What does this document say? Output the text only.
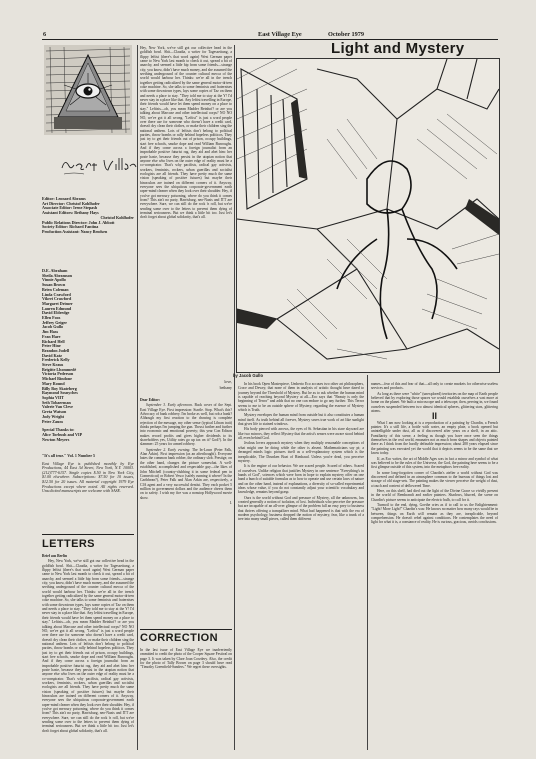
6	East Village Eye	October 1979
Editor: Leonard Abrams
Art Director: Christof Kohlhofer
Associate Editor: Irene Stepash
Assistant Editors: Bethany Hays
Christof Kohlhofer
Public Relations Director: John J. Abbott
Society Editor: Richard Fantina
Production Assistant: Nancy Brodsen
D.E. Abraham
Sheila Abramson
Vinnie Apollo
Susan Brown
Brien Coleman
Linda Crawford
Vikrei Crawford
Margaret Drimer
Lauren Edmund
David Eldredge
Ellen Foos
Jeffrey Geiger
Jacob Gullo
Jim Hass
Fran Hare
Richard Hell
Peter Hine
Brandon Judell
David Katz
Frederick Kelly
Steve Kraus
Brigitte Lhommedé
Victoria Pederson
Michael Rindone
Mary Round
Billy Boy Skateberg
Raymond Sosnyches
Sophia VIIT
Seth Tobaerman
Valerie Van Cleve
Greta Watson
Jody Wright
Peter Zaum
Special Thanks to:
Alice Torbush and VIP
Newton Meyers
"It's all true." Vol. 1 Number 5
East Village Eye is published monthly by Eye Productions, 44 East 3d Street, New York, N.Y. 10003. (212)777-6157. Single copies $.50 in New York City, $1.00 elsewhere. Subscriptions: $7.50 for 10 issues, $12.50 for 20 issues. All material copyright 1979 Eye Productions except where noted. All rights reserved. Unsolicited manuscripts are welcome with SASE.
LETTERS

Brief aus Berlin

Hey, New York, we've still got our collective head in the goldfish bowl. Shit—Claudia, a writer for Tageszeitung, a flippy leftist (there's that word again) West German paper came to New York last month to check it out, spread a bit of anarchy, and seemed a little hip from some friends—strange city, you know, didn't have much money, and she assumed the seething underground of the counter cultural mecca of the world would harbour her. Thinks: we're all in the trench together getting radicalized by the same general motor-driven coke machine. So, she talks to some feminists and fraternises with some downtown types, lays some copies of Taz on them and needs a place to stay. "They told me to stay at the Y! I'd never stay in a place like that. Any leftist travelling in Europe, their friends would have let them spend money on a place to stay." Leftists—oh, you mean Madder Beinhof? or are you talking about Marcuse and other intellectual corps? NO NO NO, we've got it all wrong. "Leftist" is just a word people over there use for someone who doesn't have a credit card, doesn't dry clean their clothes, or make their children sing the national anthem. Lots of leftists don't belong to political parties, throw bombs or rally behind hopeless politicos. They just try to get their friends out of prison, occupy buildings, start free schools, smoke dope and read William Burroughs. And if they come across a foreign journalist from an improbable positive futurist rag, they aid and abet him: her poste haste, because they persist in the utopian notion that anyone else who lives on the outer edge of reality must be a co-conspirator. That's why pacifists, radical gay activists, workers, feminists, rockers, urban guerillas and socialist ecologists are all friends. They have pretty much the same vision (speaking of positive futures) but maybe their binoculars are trained on different corners of it. Anyway, everyone sees the ubiquitous corporate-government earth raper-mind cleaner when they look over their shoulder. Hey, if you've got mercury poisoning, where do you think it comes from? This ain't no party, Harrisburg, neo-Nazis and ITT are everywhere. Sure, we can still do the rock 'n roll, but we're sending some over to the letters to prevent them dying of terminal seriousness. But we think a little bit too. Just let's don't forget about global solidarity, that's all.

Hey, New York, we've still got our collective head in the goldfish bowl. Shit—Claudia, a writer for Tageszeitung, a flippy leftist (there's that word again) West German paper came to New York last month to check it out, spread a bit of anarchy, and seemed a little hip from some friends—strange city, you know, didn't have much money, and she assumed the seething underground of the counter cultural mecca of the world would harbour her. Thinks: we're all in the trench together getting radicalized by the same general motor-driven coke machine. So, she talks to some feminists and fraternises with some downtown types, lays some copies of Taz on them and needs a place to stay. "They told me to stay at the Y! I'd never stay in a place like that. Any leftist travelling in Europe, their friends would have let them spend money on a place to stay." Leftists—oh, you mean Madder Beinhof? or are you talking about Marcuse and other intellectual corps? NO NO NO, we've got it all wrong. "Leftist" is just a word people over there use for someone who doesn't have a credit card, doesn't dry clean their clothes, or make their children sing the national anthem. Lots of leftists don't belong to political parties, throw bombs or rally behind hopeless politicos. They just try to get their friends out of prison, occupy buildings, start free schools, smoke dope and read William Burroughs. And if they come across a foreign journalist from an improbable positive futurist rag, they aid and abet him: her poste haste, because they persist in the utopian notion that anyone else who lives on the outer edge of reality must be a co-conspirator. That's why pacifists, radical gay activists, workers, feminists, rockers, urban guerillas and socialist ecologists are all friends. They have pretty much the same vision (speaking of positive futures) but maybe their binoculars are trained on different corners of it. Anyway, everyone sees the ubiquitous corporate-government earth raper-mind cleaner when they look over their shoulder. Hey, if you've got mercury poisoning, where do you think it comes from? This ain't no party, Harrisburg, neo-Nazis and ITT are everywhere. Sure, we can still do the rock 'n roll, but we're sending some over to the letters to prevent them dying of terminal seriousness. But we think a little bit too. Just let's don't forget about global solidarity, that's all.

love,

bethany

Dear Editor:

September 3. Early afternoon. Back cover of the Sept. East Village Eye. First impression: Startle. Stop. What's this? Advocacy of bank robbery. I'm broke as well, but rob a bank? Although my first reaction to the drawing is complete rejection of the message, my other sense (typical Libran trait) thinks perhaps I'm jumping the gun. Thrust further and further into economic and emotional poverty; this year Con Edison makes record profits and gives higher dividends to its shareholders yes, Utility rates go up tax on it? God?). In the slammer: 25 years for armed robbery.

September 2. Early evening. The In-Lawn (Peter Falk, Alan Arkin). First impression (as an afterthought). Everyone hates the common bank robber, the ordinary slob. Prestige, on the other hand, changes the picture somewhat. A well-established, accomplished and respectable guy—the likes of John Mitchell (country-clubbing it in some federal pen in Connecticut) or Robert Vesco (safely running it where? In the Caribbean?), Peter Falk and Alan Arkin are, respectively, a CIA agent and a very successful dentist. They each pocket 5 million in government dollars and the audience cheers them on to safety. I wish my fire was a nonstop Hollywood movie show.

I.

CORRECTION

In the last issue of East Village Eye we inadvertently ommitted to credit the photo of the Cooper Square Festival on page 3. It was taken by Clare Joan Cowdery. Also, the credit for the photo of Tally Brown on page 3 should have read "Timothy Greenfield-Sanders." We regret these oversights.

Light and Mystery
by Jacob Gullo

In his book Open Masterpiece, Umberto Eco accuses two other art philosophers, Croce and Dewey, that none of them in analysis of artistic thought have dared to journey beyond the Threshold of Mystery. But he as to ask whether the human mind is capable of reaching beyond Mystery at all—Eco says that "Beauty is only the beginning of Terror" and adds that no one can endure to go any further. This Terror seems to me to be an outside sphere of Mystery, regarding the essence of Mystery which is Truth.

Mystery envelopes the human mind from outside but it also constitutes a human mind itself. As truth behind all forever, Mystery saves true work of art like sunlight that gives life to stained windows.

His body pierced with arrows, the eyes of St. Sebastian in his stare skyward are like two mirrors, they reflect Mystery that the artist's senses were aware stood behind all, even behind God.

Jealous lovers approach mystery when they multiply reasonable conceptions of what might one be doing while the other is absent. Mathematicians say pi; a deranged minds logic pictures itself as a self-explanatory system which is the inexplicable, The Drunken Boat of Rimbaud. Unless you're dead, you perceive mystery.

It is the engine of our behavior. We are scared people. Scared of others. Scared of ourselves. Unlike religion that justifies Mystery in one sentence "Everything's in hands of God", sciences which were born in hope to explain mystery offer on one hand a bunch of suitable formulas as to how to operate and use certain laws of nature and on the other hand, instead of explanations, a diversity of so-called experimental ideas whose value, if you do not constantly adjust your scientific vocabulary and knowledge, remains beyond grasp.

Ours is the world without God and pressure of Mystery, all the unknowns, has created generally a notion of isolation, of lost. Individuals who perceive the pressure but are incapable of an all-over glimpse of the problem fall an easy prey to business that thrives offering a tranquilizer mind. What had happened is that with the era of modern psychology, business dropped the notion of mystery, fear, like a trunk of a tree into many small pieces, called them different

names—fear of this and fear of that—all only to create markets for otherwise useless services and products.

As long as there were "white" (unexplored) territories on the map of Earth people believed that by exploring those spaces we would establish ourselves a vast more at home on the planet. We built a microscope and a telescope, then, peering in, we found ourselves suspended between two almost identical spheres, glittering stars, glittering atoms.

II

What I am now looking at is a reproduction of a painting by Chardin, a French painter. It's a still life, a bottle with water, an empty plate, a book opened but unintelligible under dust, all as if discovered after years on a shelf, in an attic. Familiarity of this scene, a feeling as though you have once seen the things themselves in the real world, emanates not as much from shapes and objects painted there as I think from the hardly definable impression; about 200 years elapsed since the painting was executed yet the world that it depicts seems to be the same that we know today.

If, as Eco writes, the art of Middle Ages was in fact a mirror and symbol of what was believed to be the rules of the Universe, the God, the painting here seems to be a first glimpse outside of this system, into the metaphors free reality.

In some long-forgotten corner of Chardin's atelier a world without God was discovered and defined in an atmosphere common to the bureaus of things lost and storage of old stage-sets. The painting makes the viewer perceive the weight of dust, a touch and content of deflowered Time.

Here, on this shelf, had died out the light of the Divine Grace so vividly present in the world of Rembrandt and earlier painters. Shadows, blurred, the scene on Chardin's picture seems to anticipate the electric bulb, to call for it.

Turmoil to the end, dying, Goethe cries as if to call to us the Enlightenment: "Light! More Light!" Chardin's was: He knows no matter how many rays would be in between, things on Earth will remain as they are, inexplicable, beyond comprehension. He doesn't rebel against conditions. He contemplates the need of light for what it is, a constance of reality. He is curious, gracious, avoids conclusions.
